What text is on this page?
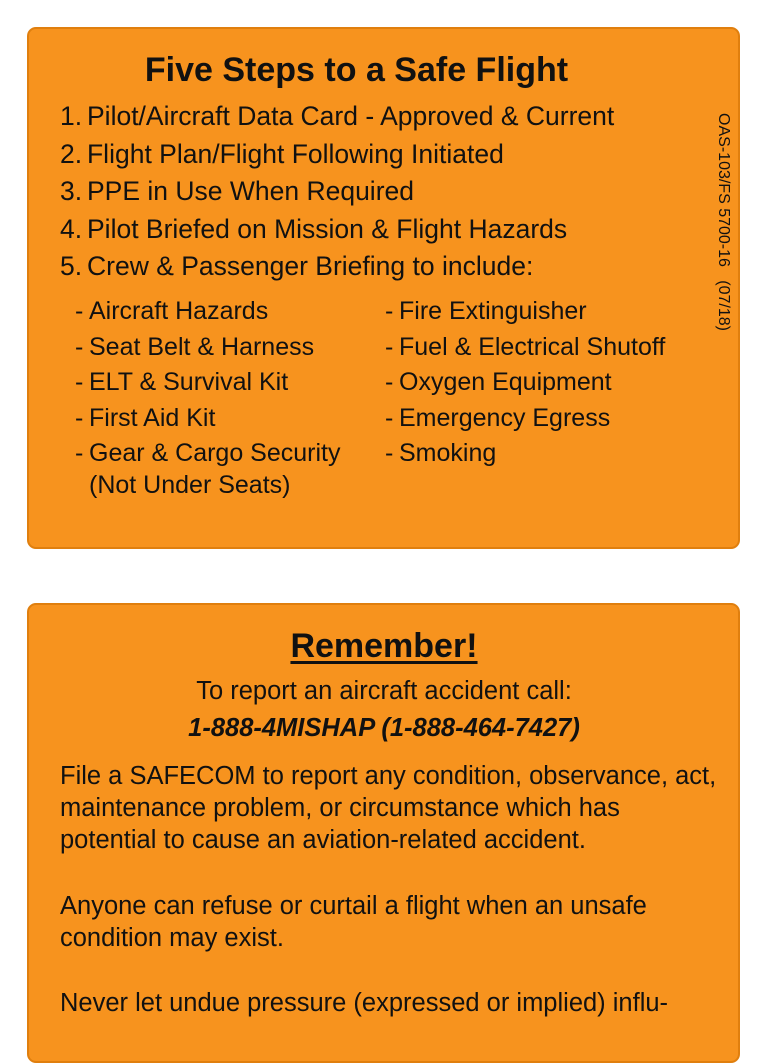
Five Steps to a Safe Flight
1. Pilot/Aircraft Data Card - Approved & Current
2. Flight Plan/Flight Following Initiated
3. PPE in Use When Required
4. Pilot Briefed on Mission & Flight Hazards
5. Crew & Passenger Briefing to include:
- Aircraft Hazards
- Seat Belt & Harness
- ELT & Survival Kit
- First Aid Kit
- Gear & Cargo Security
(Not Under Seats)
- Fire Extinguisher
- Fuel & Electrical Shutoff
- Oxygen Equipment
- Emergency Egress
- Smoking
OAS-103/FS 5700-16   (07/18)
Remember!
To report an aircraft accident call:
1-888-4MISHAP (1-888-464-7427)

File a SAFECOM to report any condition, observance, act, maintenance problem, or circumstance which has potential to cause an aviation-related accident.

Anyone can refuse or curtail a flight when an unsafe condition may exist.

Never let undue pressure (expressed or implied) influ-
